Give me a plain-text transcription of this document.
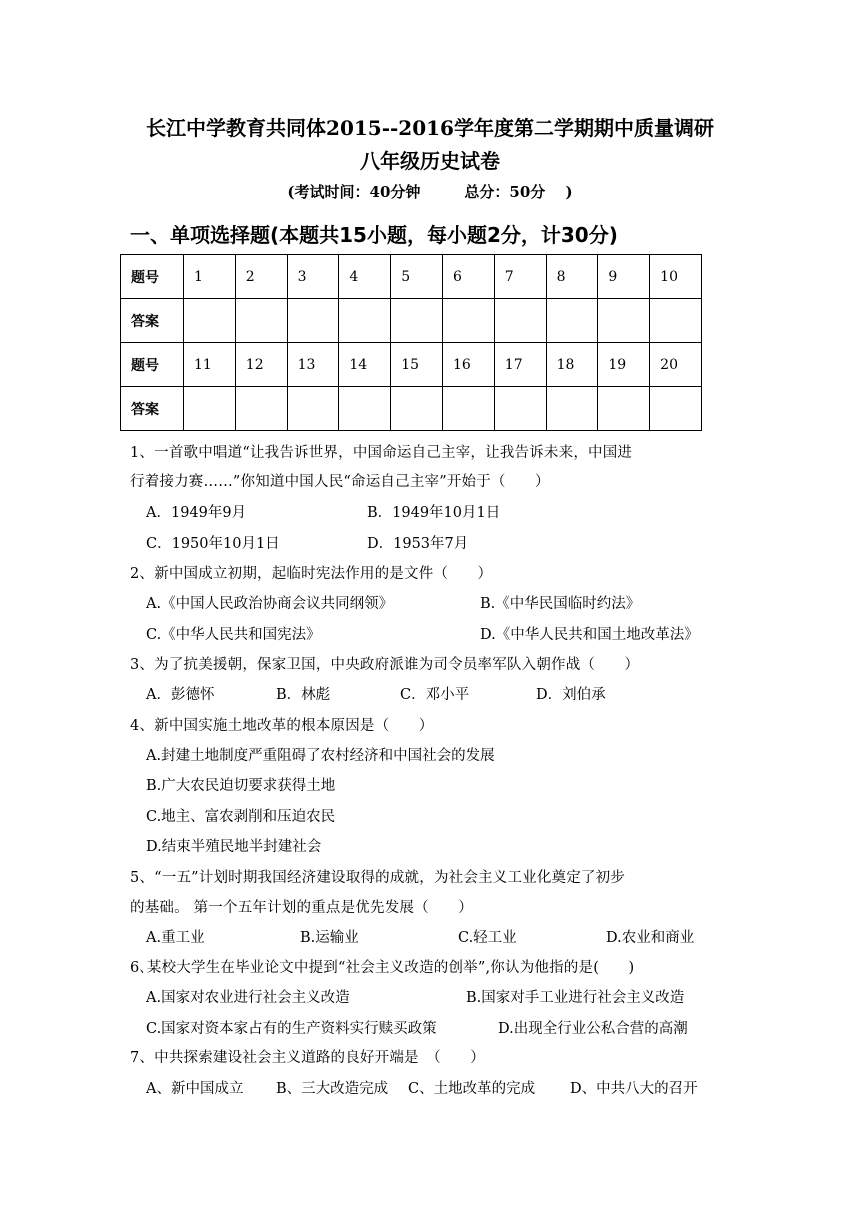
长江中学教育共同体2015--2016学年度第二学期期中质量调研
八年级历史试卷
(考试时间：40分钟	总分：50分　 )
一、单项选择题(本题共15小题，每小题2分，计30分)
题号	1	2	3	4	5	6	7	8	9	10
答案										
题号	11	12	13	14	15	16	17	18	19	20
答案										
1、一首歌中唱道“让我告诉世界，中国命运自己主宰，让我告诉未来，中国进
行着接力赛……”你知道中国人民“命运自己主宰”开始于（　　）
A．1949年9月	B．1949年10月1日
C．1950年10月1日	D．1953年7月
2、新中国成立初期，起临时宪法作用的是文件（　　）
A.《中国人民政治协商会议共同纲领》	B.《中华民国临时约法》
C.《中华人民共和国宪法》	D.《中华人民共和国土地改革法》
3、为了抗美援朝，保家卫国，中央政府派谁为司令员率军队入朝作战（　　）
A．彭德怀	B．林彪	C．邓小平	D．刘伯承
4、新中国实施土地改革的根本原因是（　　）
A.封建土地制度严重阻碍了农村经济和中国社会的发展
B.广大农民迫切要求获得土地
C.地主、富农剥削和压迫农民
D.结束半殖民地半封建社会
5、“一五”计划时期我国经济建设取得的成就，为社会主义工业化奠定了初步
的基础。 第一个五年计划的重点是优先发展（　　）
A.重工业	B.运输业	C.轻工业	D.农业和商业
6､某校大学生在毕业论文中提到“社会主义改造的创举”,你认为他指的是(　　)
A.国家对农业进行社会主义改造	B.国家对手工业进行社会主义改造
C.国家对资本家占有的生产资料实行赎买政策	D.出现全行业公私合营的高潮
7、中共探索建设社会主义道路的良好开端是　（　　）
A、新中国成立 B、三大改造完成 C、土地改革的完成 D、中共八大的召开
